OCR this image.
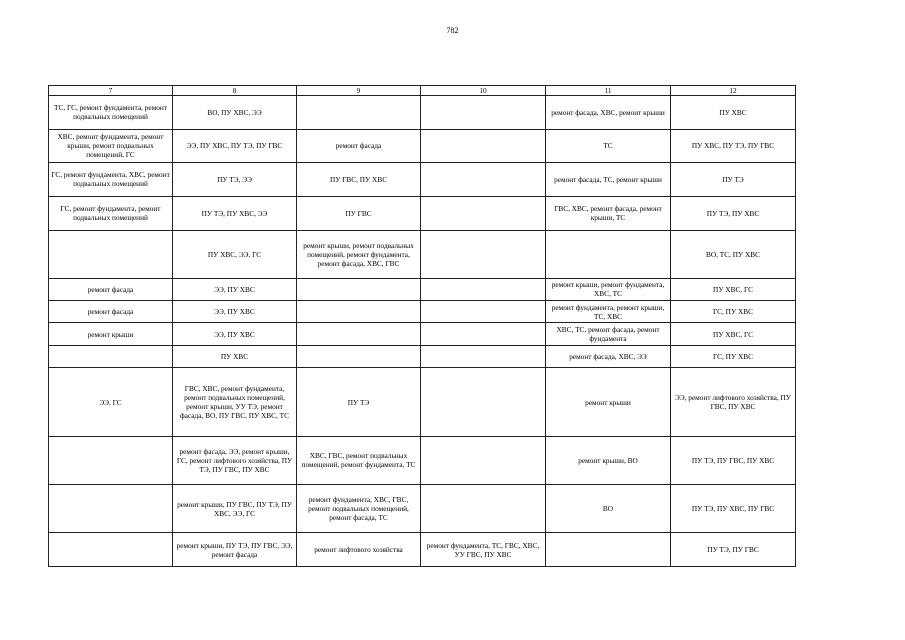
782
7	8	9	10	11	12
ТС, ГС, ремонт фундамента, ремонт подвальных помещений	ВО, ПУ ХВС, ЭЭ			ремонт фасада, ХВС, ремонт крыши	ПУ ХВС
ХВС, ремонт фундамента, ремонт крыши, ремонт подвальных помещений, ГС	ЭЭ, ПУ ХВС, ПУ ТЭ, ПУ ГВС	ремонт фасада		ТС	ПУ ХВС, ПУ ТЭ, ПУ ГВС
ГС, ремонт фундамента, ХВС, ремонт подвальных помещений	ПУ ТЭ, ЭЭ	ПУ ГВС, ПУ ХВС		ремонт фасада, ТС, ремонт крыши	ПУ ТЭ
ГС, ремонт фундамента, ремонт подвальных помещений	ПУ ТЭ, ПУ ХВС, ЭЭ	ПУ ГВС		ГВС, ХВС, ремонт фасада, ремонт крыши, ТС	ПУ ТЭ, ПУ ХВС
	ПУ ХВС, ЭЭ, ГС	ремонт крыши, ремонт подвальных помещений, ремонт фундамента, ремонт фасада, ХВС, ГВС			ВО, ТС, ПУ ХВС
ремонт фасада	ЭЭ, ПУ ХВС			ремонт крыши, ремонт фундамента, ХВС, ТС	ПУ ХВС, ГС
ремонт фасада	ЭЭ, ПУ ХВС			ремонт фундамента, ремонт крыши, ТС, ХВС	ГС, ПУ ХВС
ремонт крыши	ЭЭ, ПУ ХВС			ХВС, ТС, ремонт фасада, ремонт фундамента	ПУ ХВС, ГС
	ПУ ХВС			ремонт фасада, ХВС, ЭЭ	ГС, ПУ ХВС
ЭЭ, ГС	ГВС, ХВС, ремонт фундамента, ремонт подвальных помещений, ремонт крыши, УУ ТЭ, ремонт фасада, ВО, ПУ ГВС, ПУ ХВС, ТС	ПУ ТЭ		ремонт крыши	ЭЭ, ремонт лифтового хозяйства, ПУ ГВС, ПУ ХВС
	ремонт фасада, ЭЭ, ремонт крыши, ГС, ремонт лифтового хозяйства, ПУ ТЭ, ПУ ГВС, ПУ ХВС	ХВС, ГВС, ремонт подвальных помещений, ремонт фундамента, ТС		ремонт крыши, ВО	ПУ ТЭ, ПУ ГВС, ПУ ХВС
	ремонт крыши, ПУ ГВС, ПУ ТЭ, ПУ ХВС, ЭЭ, ГС	ремонт фундамента, ХВС, ГВС, ремонт подвальных помещений, ремонт фасада, ТС		ВО	ПУ ТЭ, ПУ ХВС, ПУ ГВС
	ремонт крыши, ПУ ТЭ, ПУ ГВС, ЭЭ, ремонт фасада	ремонт лифтового хозяйства	ремонт фундамента, ТС, ГВС, ХВС, УУ ГВС, ПУ ХВС		ПУ ТЭ, ПУ ГВС
